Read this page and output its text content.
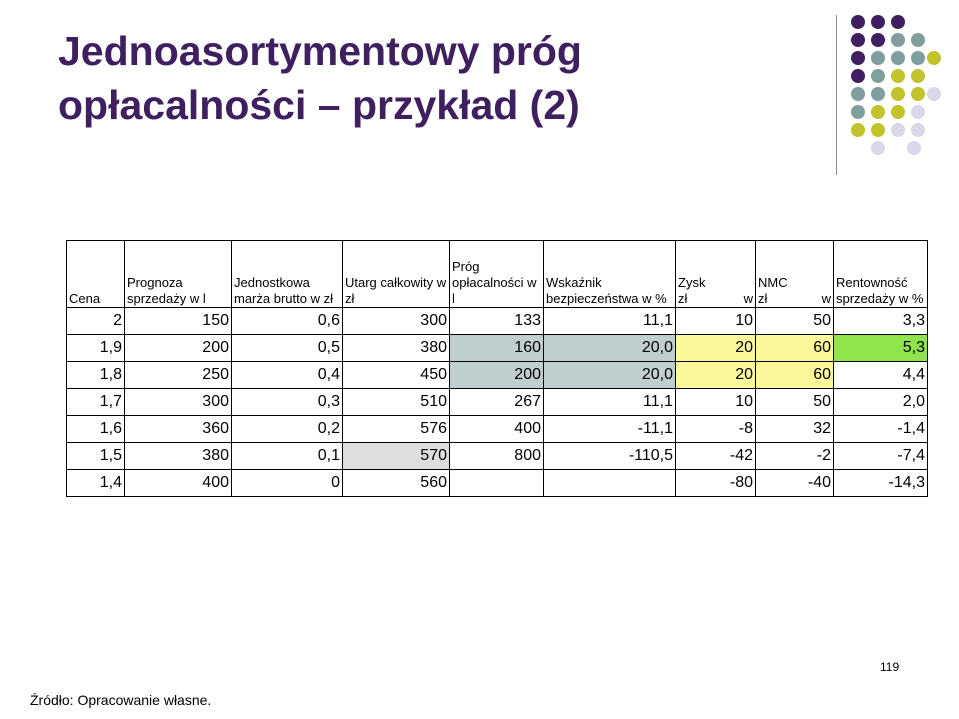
Jednoasortymentowy próg
opłacalności – przykład (2)
Cena	Prognoza sprzedaży w l	Jednostkowa marża brutto w zł	Utarg całkowity w zł	Próg opłacalności w l	Wskaźnik bezpieczeństwa w %	Zysk zł w	NMC zł w	Rentowność sprzedaży w %
2	150	0,6	300	133	11,1	10	50	3,3
1,9	200	0,5	380	160	20,0	20	60	5,3
1,8	250	0,4	450	200	20,0	20	60	4,4
1,7	300	0,3	510	267	11,1	10	50	2,0
1,6	360	0,2	576	400	-11,1	-8	32	-1,4
1,5	380	0,1	570	800	-110,5	-42	-2	-7,4
1,4	400	0	560			-80	-40	-14,3
119
Źródło: Opracowanie własne.
